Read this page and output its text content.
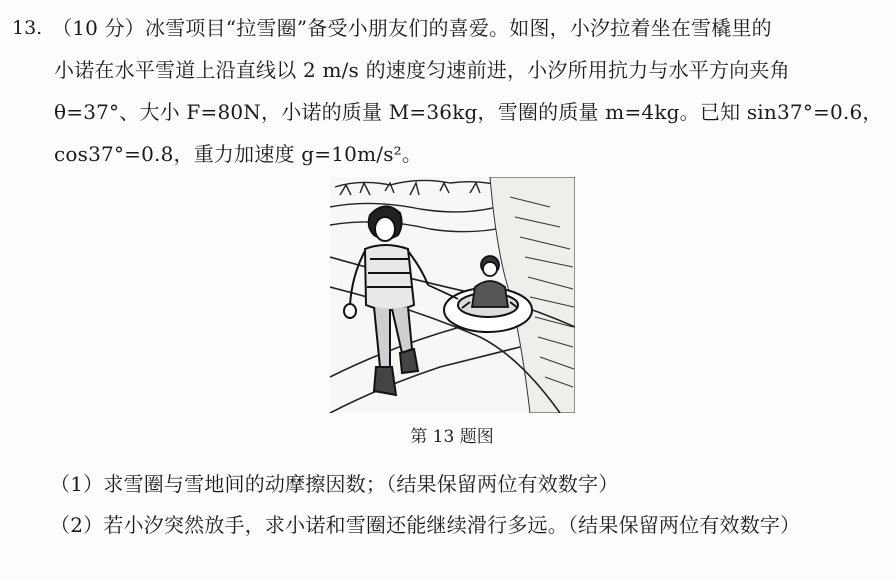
13. （10 分）冰雪项目“拉雪圈”备受小朋友们的喜爱。如图，小汐拉着坐在雪橇里的
小诺在水平雪道上沿直线以 2 m/s 的速度匀速前进，小汐所用抗力与水平方向夹角
θ=37°、大小 F=80N，小诺的质量 M=36kg，雪圈的质量 m=4kg。已知 sin37°=0.6，
cos37°=0.8，重力加速度 g=10m/s²。
第 13 题图
（1）求雪圈与雪地间的动摩擦因数；（结果保留两位有效数字）
（2）若小汐突然放手，求小诺和雪圈还能继续滑行多远。（结果保留两位有效数字）
